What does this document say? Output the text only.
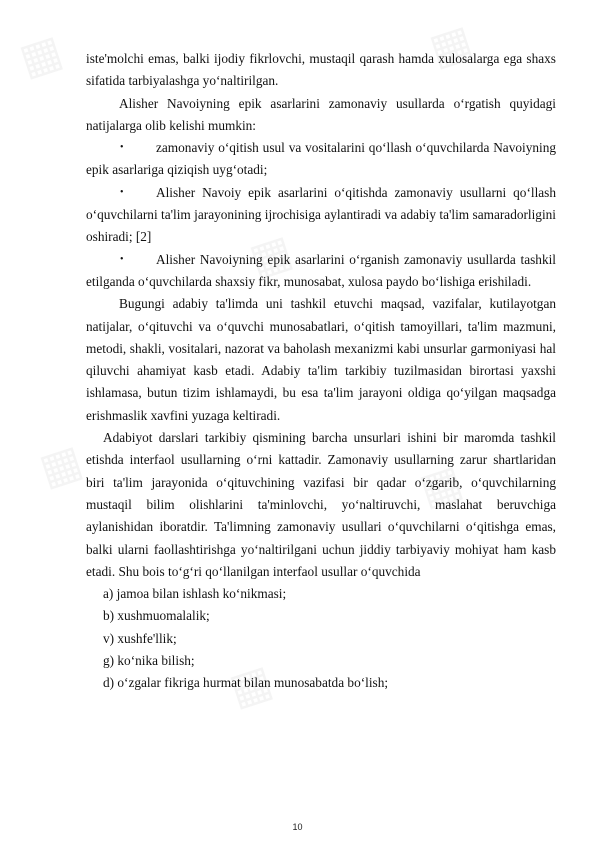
▦	▦
▦
▦	▦
▦

iste'molchi emas, balki ijodiy fikrlovchi, mustaqil qarash hamda xulosalarga ega shaxs sifatida tarbiyalashga yo‘naltirilgan.

Alisher Navoiyning epik asarlarini zamonaviy usullarda o‘rgatish quyidagi natijalarga olib kelishi mumkin:

• zamonaviy o‘qitish usul va vositalarini qo‘llash o‘quvchilarda Navoiyning epik asarlariga qiziqish uyg‘otadi;

• Alisher Navoiy epik asarlarini o‘qitishda zamonaviy usullarni qo‘llash o‘quvchilarni ta'lim jarayonining ijrochisiga aylantiradi va adabiy ta'lim samaradorligini oshiradi; [2]

• Alisher Navoiyning epik asarlarini o‘rganish zamonaviy usullarda tashkil etilganda o‘quvchilarda shaxsiy fikr, munosabat, xulosa paydo bo‘lishiga erishiladi.

Bugungi adabiy ta'limda uni tashkil etuvchi maqsad, vazifalar, kutilayotgan natijalar, o‘qituvchi va o‘quvchi munosabatlari, o‘qitish tamoyillari, ta'lim mazmuni, metodi, shakli, vositalari, nazorat va baholash mexanizmi kabi unsurlar garmoniyasi hal qiluvchi ahamiyat kasb etadi. Adabiy ta'lim tarkibiy tuzilmasidan birortasi yaxshi ishlamasa, butun tizim ishlamaydi, bu esa ta'lim jarayoni oldiga qo‘yilgan maqsadga erishmaslik xavfini yuzaga keltiradi.

Adabiyot darslari tarkibiy qismining barcha unsurlari ishini bir maromda tashkil etishda interfaol usullarning o‘rni kattadir. Zamonaviy usullarning zarur shartlaridan biri ta'lim jarayonida o‘qituvchining vazifasi bir qadar o‘zgarib, o‘quvchilarning mustaqil bilim olishlarini ta'minlovchi, yo‘naltiruvchi, maslahat beruvchiga aylanishidan iboratdir. Ta'limning zamonaviy usullari o‘quvchilarni o‘qitishga emas, balki ularni faollashtirishga yo‘naltirilgani uchun jiddiy tarbiyaviy mohiyat ham kasb etadi. Shu bois to‘g‘ri qo‘llanilgan interfaol usullar o‘quvchida

a) jamoa bilan ishlash ko‘nikmasi;
b) xushmuomalalik;
v) xushfe'llik;
g) ko‘nika bilish;
d) o‘zgalar fikriga hurmat bilan munosabatda bo‘lish;
10
